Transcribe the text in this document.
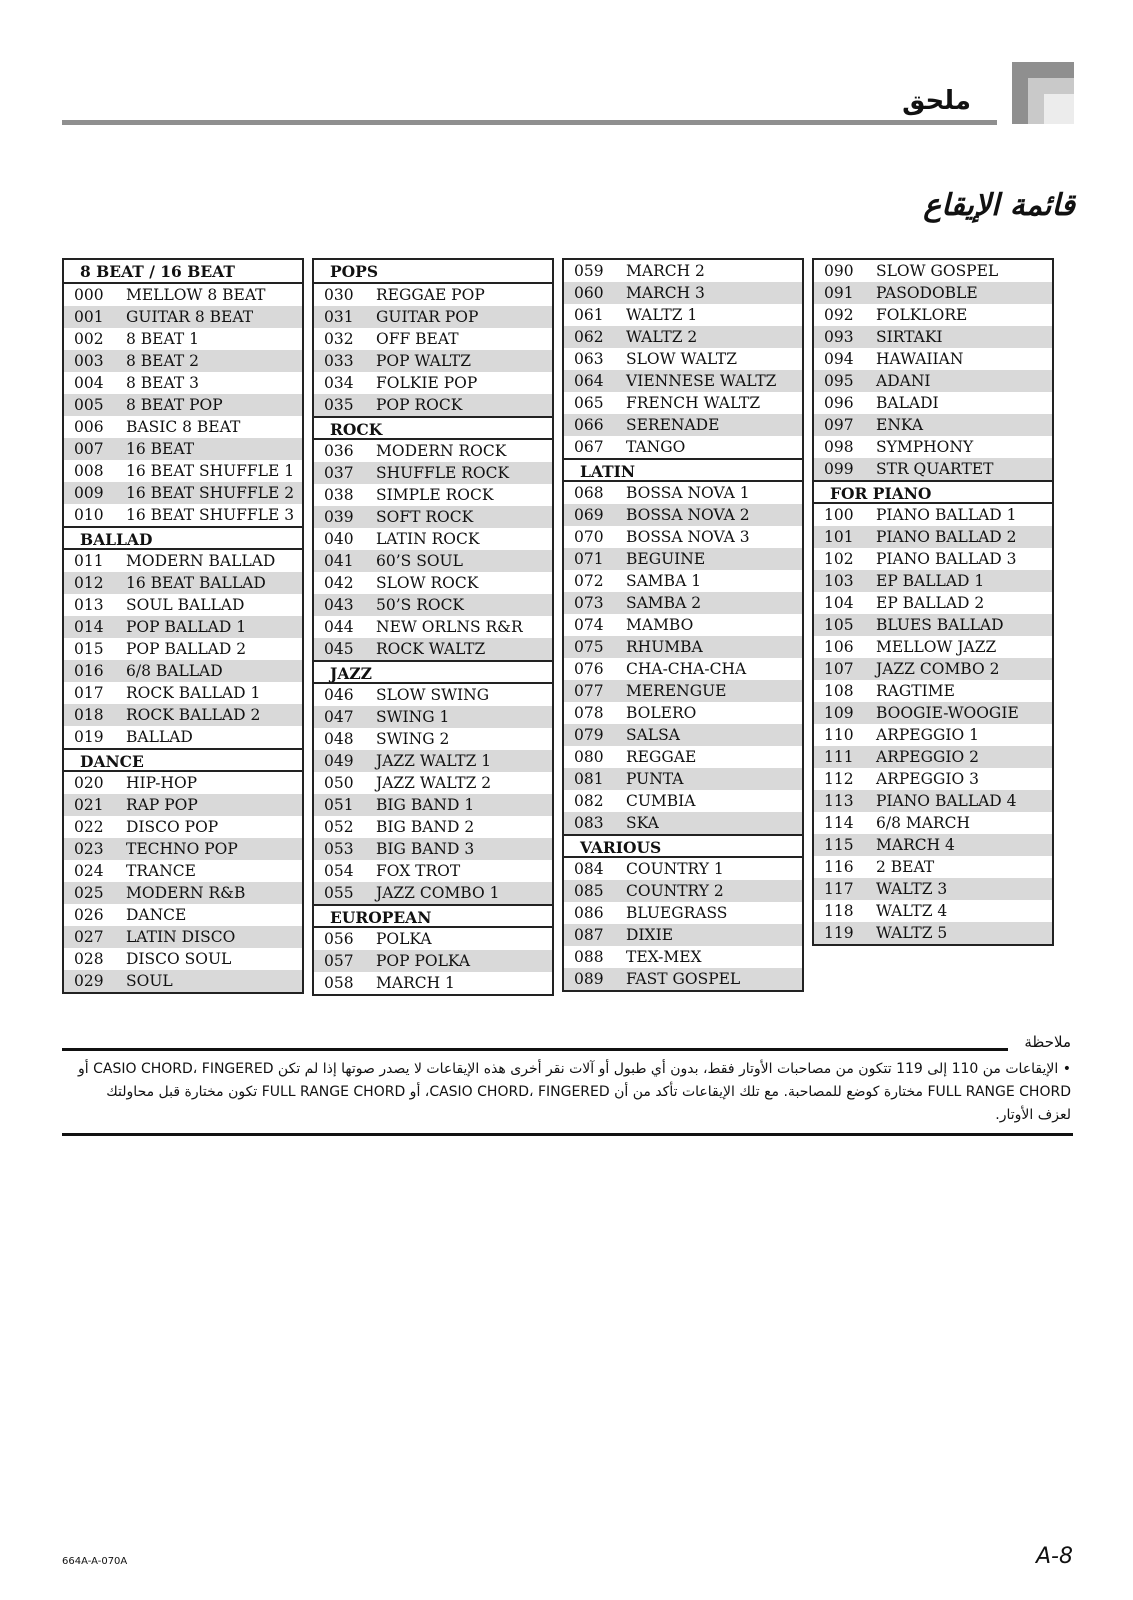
ملحق
قائمة الإيقاع
8 BEAT / 16 BEAT
000	MELLOW 8 BEAT
001	GUITAR 8 BEAT
002	8 BEAT 1
003	8 BEAT 2
004	8 BEAT 3
005	8 BEAT POP
006	BASIC 8 BEAT
007	16 BEAT
008	16 BEAT SHUFFLE 1
009	16 BEAT SHUFFLE 2
010	16 BEAT SHUFFLE 3
BALLAD
011	MODERN BALLAD
012	16 BEAT BALLAD
013	SOUL BALLAD
014	POP BALLAD 1
015	POP BALLAD 2
016	6/8 BALLAD
017	ROCK BALLAD 1
018	ROCK BALLAD 2
019	BALLAD
DANCE
020	HIP-HOP
021	RAP POP
022	DISCO POP
023	TECHNO POP
024	TRANCE
025	MODERN R&B
026	DANCE
027	LATIN DISCO
028	DISCO SOUL
029	SOUL
POPS
030	REGGAE POP
031	GUITAR POP
032	OFF BEAT
033	POP WALTZ
034	FOLKIE POP
035	POP ROCK
ROCK
036	MODERN ROCK
037	SHUFFLE ROCK
038	SIMPLE ROCK
039	SOFT ROCK
040	LATIN ROCK
041	60’S SOUL
042	SLOW ROCK
043	50’S ROCK
044	NEW ORLNS R&R
045	ROCK WALTZ
JAZZ
046	SLOW SWING
047	SWING 1
048	SWING 2
049	JAZZ WALTZ 1
050	JAZZ WALTZ 2
051	BIG BAND 1
052	BIG BAND 2
053	BIG BAND 3
054	FOX TROT
055	JAZZ COMBO 1
EUROPEAN
056	POLKA
057	POP POLKA
058	MARCH 1
059	MARCH 2
060	MARCH 3
061	WALTZ 1
062	WALTZ 2
063	SLOW WALTZ
064	VIENNESE WALTZ
065	FRENCH WALTZ
066	SERENADE
067	TANGO
LATIN
068	BOSSA NOVA 1
069	BOSSA NOVA 2
070	BOSSA NOVA 3
071	BEGUINE
072	SAMBA 1
073	SAMBA 2
074	MAMBO
075	RHUMBA
076	CHA-CHA-CHA
077	MERENGUE
078	BOLERO
079	SALSA
080	REGGAE
081	PUNTA
082	CUMBIA
083	SKA
VARIOUS
084	COUNTRY 1
085	COUNTRY 2
086	BLUEGRASS
087	DIXIE
088	TEX-MEX
089	FAST GOSPEL
090	SLOW GOSPEL
091	PASODOBLE
092	FOLKLORE
093	SIRTAKI
094	HAWAIIAN
095	ADANI
096	BALADI
097	ENKA
098	SYMPHONY
099	STR QUARTET
FOR PIANO
100	PIANO BALLAD 1
101	PIANO BALLAD 2
102	PIANO BALLAD 3
103	EP BALLAD 1
104	EP BALLAD 2
105	BLUES BALLAD
106	MELLOW JAZZ
107	JAZZ COMBO 2
108	RAGTIME
109	BOOGIE-WOOGIE
110	ARPEGGIO 1
111	ARPEGGIO 2
112	ARPEGGIO 3
113	PIANO BALLAD 4
114	6/8 MARCH
115	MARCH 4
116	2 BEAT
117	WALTZ 3
118	WALTZ 4
119	WALTZ 5
ملاحظة
• الإيقاعات من 110 إلى 119 تتكون من مصاحبات الأوتار فقط، بدون أي طبول أو آلات نقر أخرى هذه الإيقاعات لا يصدر صوتها إذا لم تكن CASIO CHORD، FINGERED أو FULL RANGE CHORD مختارة كوضع للمصاحبة. مع تلك الإيقاعات تأكد من أن CASIO CHORD، FINGERED، أو FULL RANGE CHORD تكون مختارة قبل محاولتك لعزف الأوتار.
664A-A-070A	A-8
